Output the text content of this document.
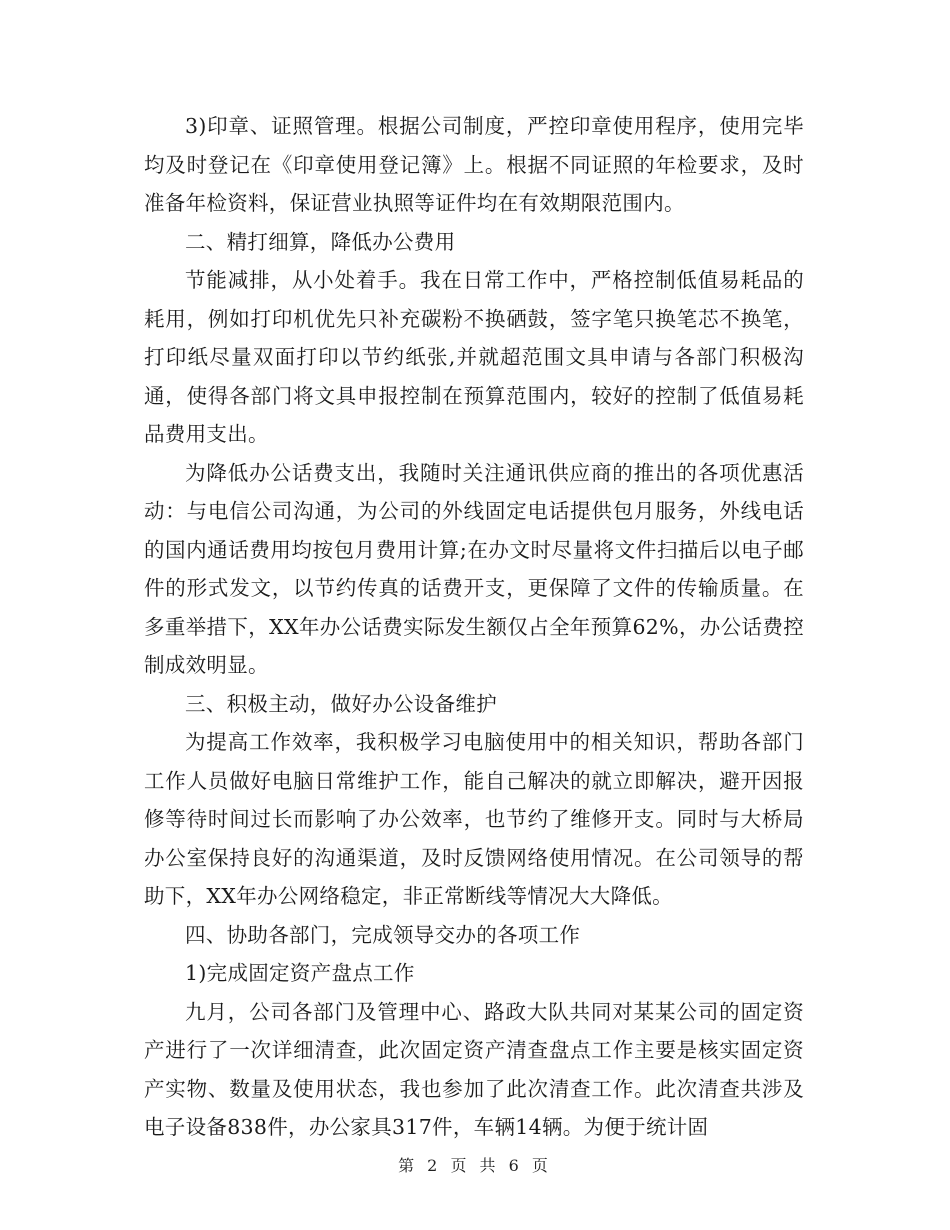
3)印章、证照管理。根据公司制度，严控印章使用程序，使用完毕均及时登记在《印章使用登记簿》上。根据不同证照的年检要求，及时准备年检资料，保证营业执照等证件均在有效期限范围内。

二、精打细算，降低办公费用

节能减排，从小处着手。我在日常工作中，严格控制低值易耗品的耗用，例如打印机优先只补充碳粉不换硒鼓，签字笔只换笔芯不换笔，打印纸尽量双面打印以节约纸张,并就超范围文具申请与各部门积极沟通，使得各部门将文具申报控制在预算范围内，较好的控制了低值易耗品费用支出。

为降低办公话费支出，我随时关注通讯供应商的推出的各项优惠活动：与电信公司沟通，为公司的外线固定电话提供包月服务，外线电话的国内通话费用均按包月费用计算;在办文时尽量将文件扫描后以电子邮件的形式发文，以节约传真的话费开支，更保障了文件的传输质量。在多重举措下，XX年办公话费实际发生额仅占全年预算62%，办公话费控制成效明显。

三、积极主动，做好办公设备维护

为提高工作效率，我积极学习电脑使用中的相关知识，帮助各部门工作人员做好电脑日常维护工作，能自己解决的就立即解决，避开因报修等待时间过长而影响了办公效率，也节约了维修开支。同时与大桥局办公室保持良好的沟通渠道，及时反馈网络使用情况。在公司领导的帮助下，XX年办公网络稳定，非正常断线等情况大大降低。

四、协助各部门，完成领导交办的各项工作

1)完成固定资产盘点工作

九月，公司各部门及管理中心、路政大队共同对某某公司的固定资产进行了一次详细清查，此次固定资产清查盘点工作主要是核实固定资产实物、数量及使用状态，我也参加了此次清查工作。此次清查共涉及电子设备838件，办公家具317件，车辆14辆。为便于统计固

第 2 页 共 6 页
